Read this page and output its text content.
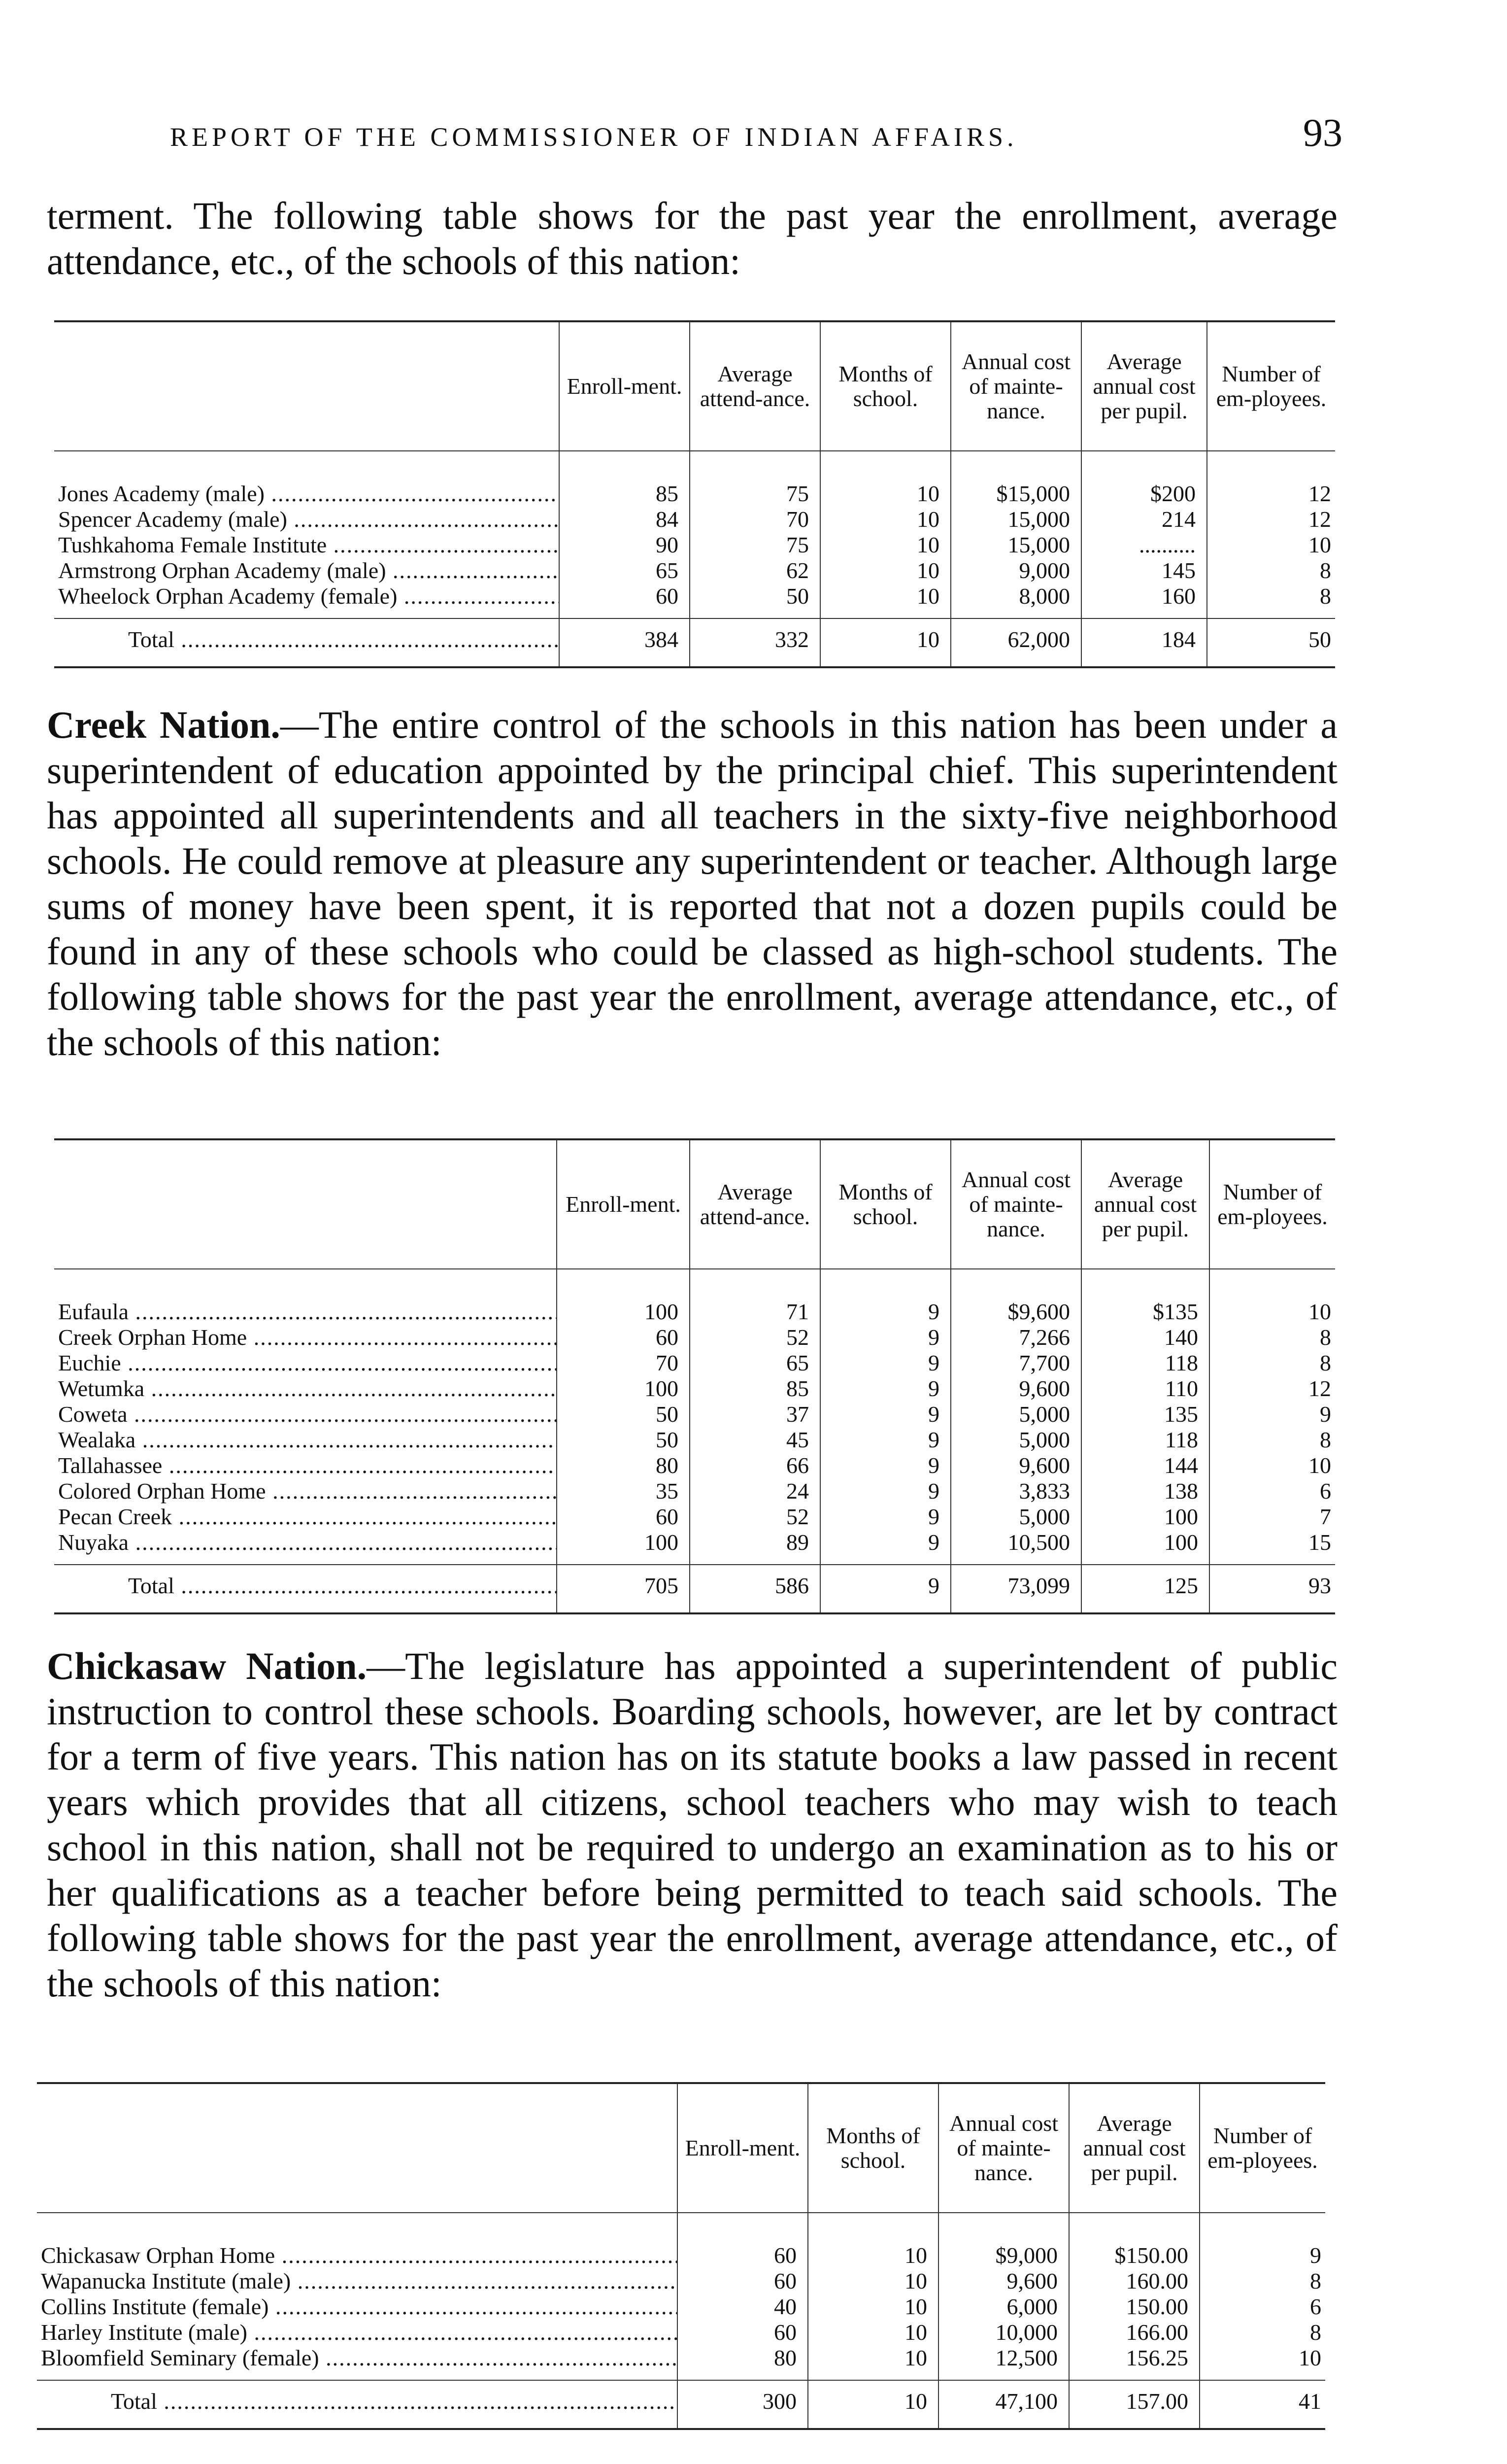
REPORT OF THE COMMISSIONER OF INDIAN AFFAIRS.	93

terment. The following table shows for the past year the enrollment, average attendance, etc., of the schools of this nation:

	Enroll-ment.	Average attend-ance.	Months of school.	Annual cost of mainte-nance.	Average annual cost per pupil.	Number of em-ployees.
Jones Academy (male) .....	85	75	10	$15,000	$200	12
Spencer Academy (male) .....	84	70	10	15,000	214	12
Tushkahoma Female Institute .....	90	75	10	15,000	..........	10
Armstrong Orphan Academy (male) .....	65	62	10	9,000	145	8
Wheelock Orphan Academy (female) .....	60	50	10	8,000	160	8
Total .....	384	332	10	62,000	184	50

Creek Nation.—The entire control of the schools in this nation has been under a superintendent of education appointed by the principal chief. This superintendent has appointed all superintendents and all teachers in the sixty-five neighborhood schools. He could remove at pleasure any superintendent or teacher. Although large sums of money have been spent, it is reported that not a dozen pupils could be found in any of these schools who could be classed as high-school students. The following table shows for the past year the enrollment, average attendance, etc., of the schools of this nation:

	Enroll-ment.	Average attend-ance.	Months of school.	Annual cost of mainte-nance.	Average annual cost per pupil.	Number of em-ployees.
Eufaula .....	100	71	9	$9,600	$135	10
Creek Orphan Home .....	60	52	9	7,266	140	8
Euchie .....	70	65	9	7,700	118	8
Wetumka .....	100	85	9	9,600	110	12
Coweta .....	50	37	9	5,000	135	9
Wealaka .....	50	45	9	5,000	118	8
Tallahassee .....	80	66	9	9,600	144	10
Colored Orphan Home .....	35	24	9	3,833	138	6
Pecan Creek .....	60	52	9	5,000	100	7
Nuyaka .....	100	89	9	10,500	100	15
Total .....	705	586	9	73,099	125	93

Chickasaw Nation.—The legislature has appointed a superintendent of public instruction to control these schools. Boarding schools, however, are let by contract for a term of five years. This nation has on its statute books a law passed in recent years which provides that all citizens, school teachers who may wish to teach school in this nation, shall not be required to undergo an examination as to his or her qualifications as a teacher before being permitted to teach said schools. The following table shows for the past year the enrollment, average attendance, etc., of the schools of this nation:

	Enroll-ment.	Months of school.	Annual cost of mainte-nance.	Average annual cost per pupil.	Number of em-ployees.
Chickasaw Orphan Home .....	60	10	$9,000	$150.00	9
Wapanucka Institute (male) .....	60	10	9,600	160.00	8
Collins Institute (female) .....	40	10	6,000	150.00	6
Harley Institute (male) .....	60	10	10,000	166.00	8
Bloomfield Seminary (female) .....	80	10	12,500	156.25	10
Total .....	300	10	47,100	157.00	41
